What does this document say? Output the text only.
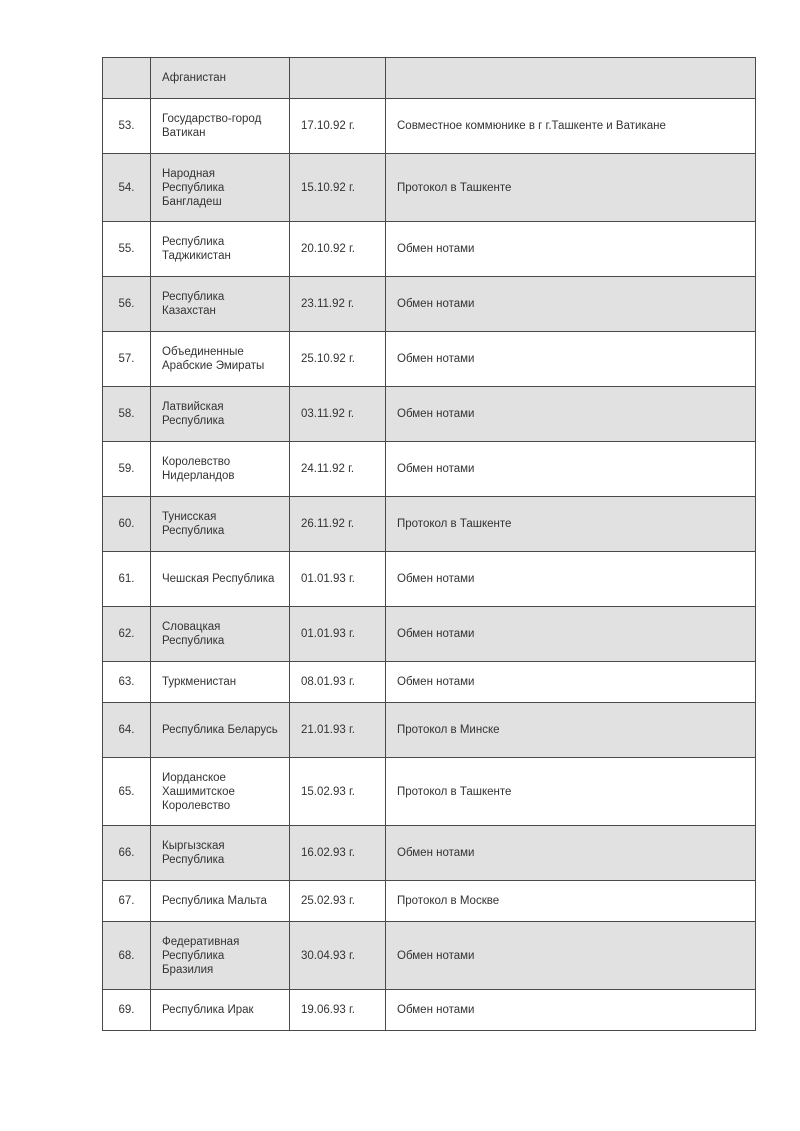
	Афганистан		
53.	Государство-город Ватикан	17.10.92 г.	Совместное коммюнике в г г.Ташкенте и Ватикане
54.	Народная Республика Бангладеш	15.10.92 г.	Протокол в Ташкенте
55.	Республика Таджикистан	20.10.92 г.	Обмен нотами
56.	Республика Казахстан	23.11.92 г.	Обмен нотами
57.	Объединенные Арабские Эмираты	25.10.92 г.	Обмен нотами
58.	Латвийская Республика	03.11.92 г.	Обмен нотами
59.	Королевство Нидерландов	24.11.92 г.	Обмен нотами
60.	Тунисская Республика	26.11.92 г.	Протокол в Ташкенте
61.	Чешская Республика	01.01.93 г.	Обмен нотами
62.	Словацкая Республика	01.01.93 г.	Обмен нотами
63.	Туркменистан	08.01.93 г.	Обмен нотами
64.	Республика Беларусь	21.01.93 г.	Протокол в Минске
65.	Иорданское Хашимитское Королевство	15.02.93 г.	Протокол в Ташкенте
66.	Кыргызская Республика	16.02.93 г.	Обмен нотами
67.	Республика Мальта	25.02.93 г.	Протокол в Москве
68.	Федеративная Республика Бразилия	30.04.93 г.	Обмен нотами
69.	Республика Ирак	19.06.93 г.	Обмен нотами
